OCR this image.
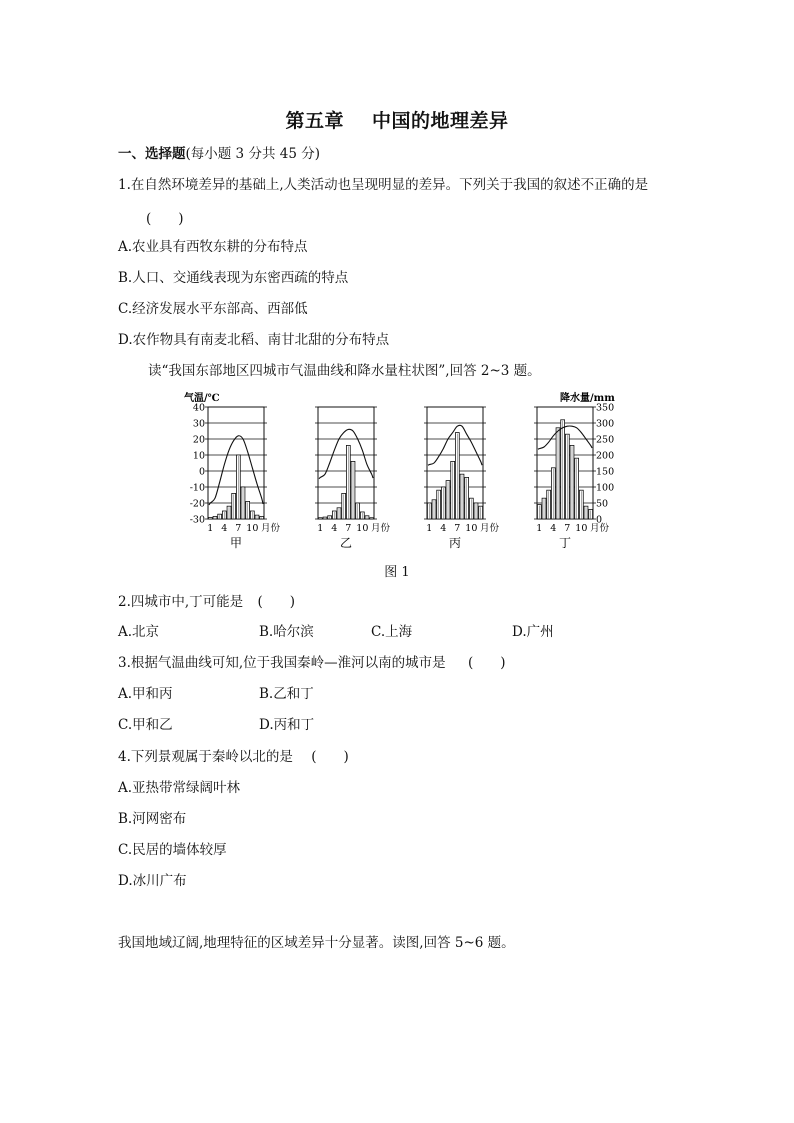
第五章 中国的地理差异
一、选择题(每小题 3 分共 45 分)
1.在自然环境差异的基础上,人类活动也呈现明显的差异。下列关于我国的叙述不正确的是
(　　)
A.农业具有西牧东耕的分布特点
B.人口、交通线表现为东密西疏的特点
C.经济发展水平东部高、西部低
D.农作物具有南麦北稻、南甘北甜的分布特点
读“我国东部地区四城市气温曲线和降水量柱状图”,回答 2~3 题。
气温/℃	降水量/mm
40
30
20
10
0
-10
-20
-30
350
300
250
200
150
100
50
0
1 4 7 10 月份
甲
1 4 7 10 月份
乙
1 4 7 10 月份
丙
1 4 7 10 月份
丁
图 1
2.四城市中,丁可能是 (　　)
A.北京	B.哈尔滨	C.上海	D.广州
3.根据气温曲线可知,位于我国秦岭—淮河以南的城市是 (　　)
A.甲和丙	B.乙和丁
C.甲和乙	D.丙和丁
4.下列景观属于秦岭以北的是 (　　)
A.亚热带常绿阔叶林
B.河网密布
C.民居的墙体较厚
D.冰川广布
我国地域辽阔,地理特征的区域差异十分显著。读图,回答 5~6 题。
